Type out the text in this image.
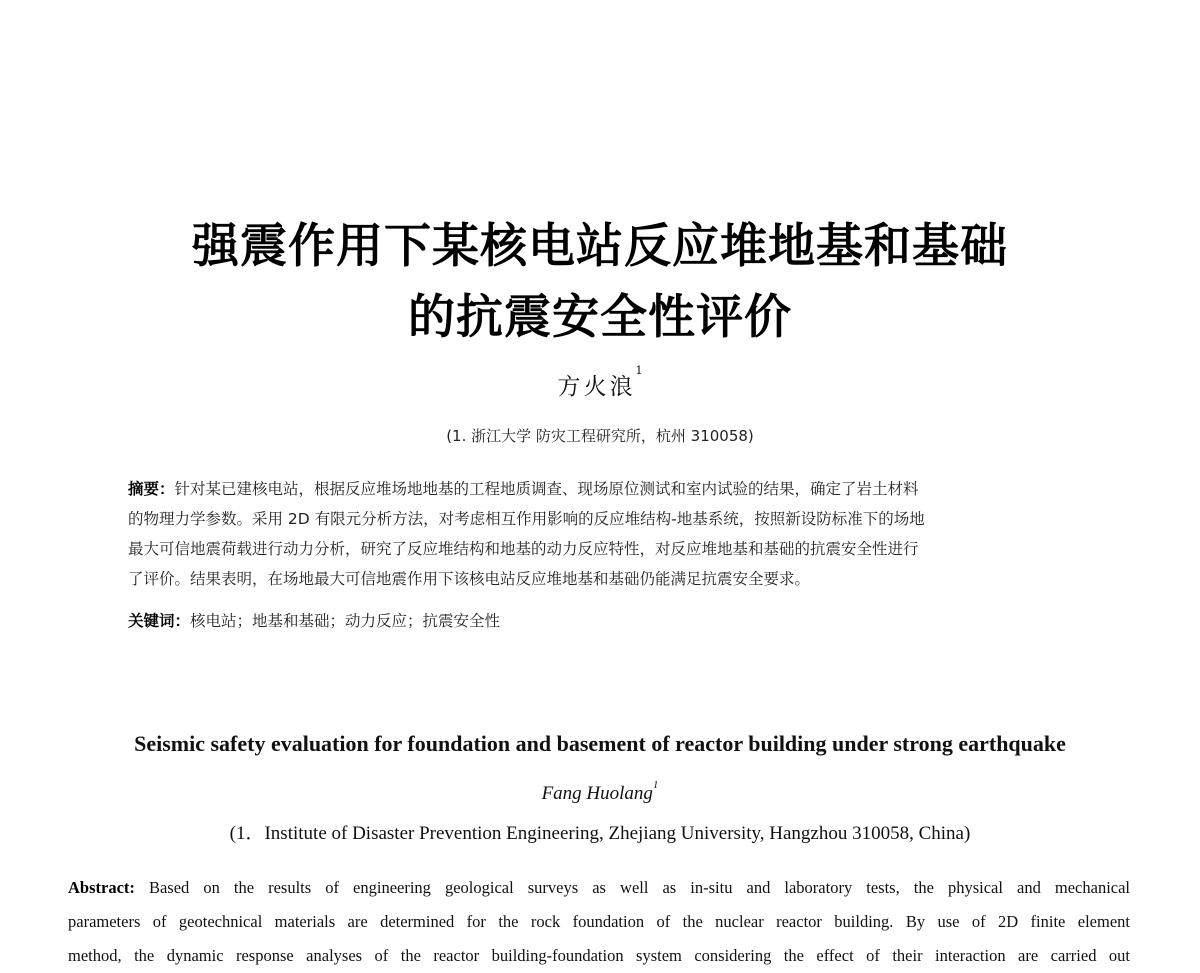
强震作用下某核电站反应堆地基和基础
的抗震安全性评价
方火浪$^1$
(1. 浙江大学 防灾工程研究所，杭州 310058)
摘要：针对某已建核电站，根据反应堆场地地基的工程地质调查、现场原位测试和室内试验的结果，确定了岩土材料
的物理力学参数。采用 2D 有限元分析方法，对考虑相互作用影响的反应堆结构-地基系统，按照新设防标准下的场地
最大可信地震荷载进行动力分析，研究了反应堆结构和地基的动力反应特性，对反应堆地基和基础的抗震安全性进行
了评价。结果表明，在场地最大可信地震作用下该核电站反应堆地基和基础仍能满足抗震安全要求。
关键词：核电站；地基和基础；动力反应；抗震安全性
Seismic safety evaluation for foundation and basement of reactor building under strong earthquake
Fang Huolang$^1$
(1．Institute of Disaster Prevention Engineering, Zhejiang University, Hangzhou 310058, China)
Abstract: Based on the results of engineering geological surveys as well as in-situ and laboratory tests, the physical and mechanical
parameters of geotechnical materials are determined for the rock foundation of the nuclear reactor building. By use of 2D finite element
method, the dynamic response analyses of the reactor building-foundation system considering the effect of their interaction are carried out
